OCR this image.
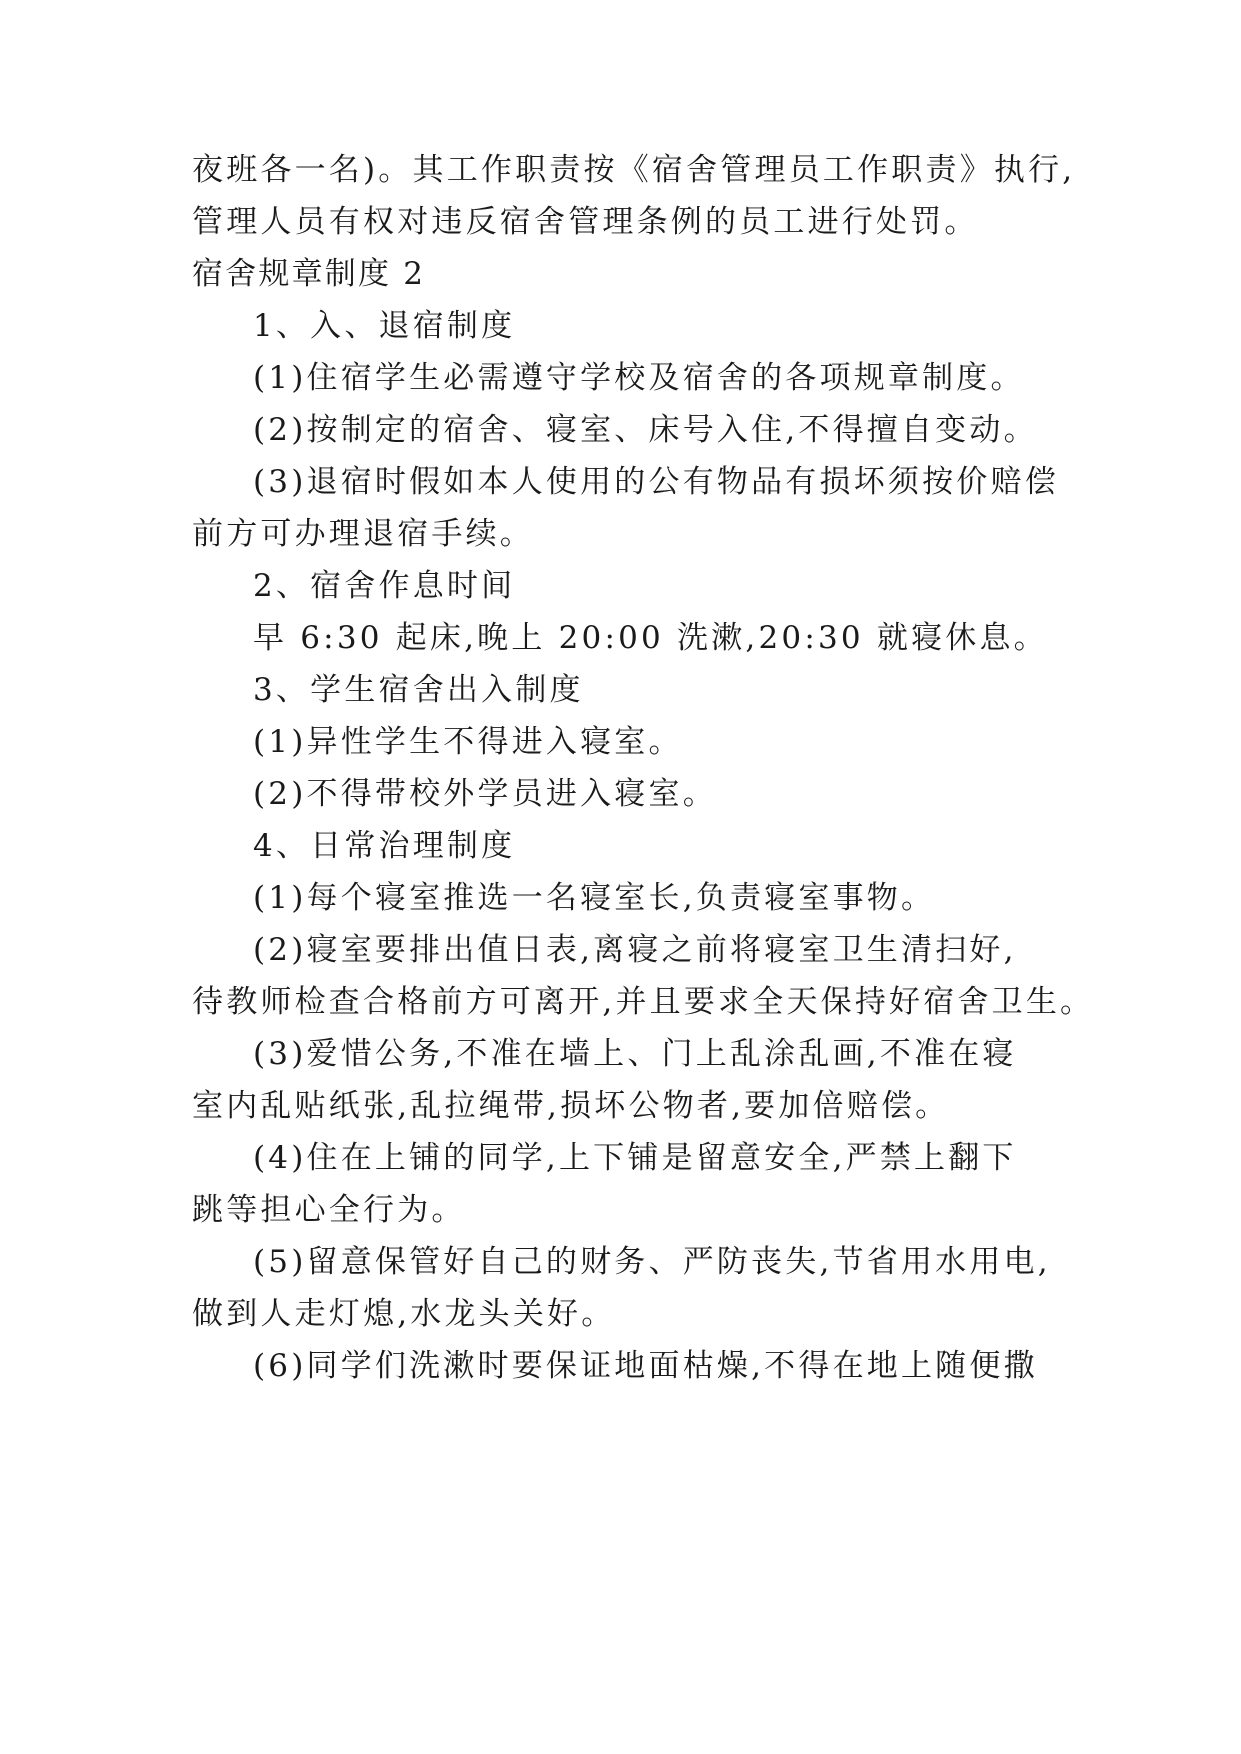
夜班各一名)。其工作职责按《宿舍管理员工作职责》执行,

管理人员有权对违反宿舍管理条例的员工进行处罚。

宿舍规章制度 2

1、入、退宿制度

(1)住宿学生必需遵守学校及宿舍的各项规章制度。

(2)按制定的宿舍、寝室、床号入住,不得擅自变动。

(3)退宿时假如本人使用的公有物品有损坏须按价赔偿

前方可办理退宿手续。

2、宿舍作息时间

早 6:30 起床,晚上 20:00 洗漱,20:30 就寝休息。

3、学生宿舍出入制度

(1)异性学生不得进入寝室。

(2)不得带校外学员进入寝室。

4、日常治理制度

(1)每个寝室推选一名寝室长,负责寝室事物。

(2)寝室要排出值日表,离寝之前将寝室卫生清扫好,

待教师检查合格前方可离开,并且要求全天保持好宿舍卫生。

(3)爱惜公务,不准在墙上、门上乱涂乱画,不准在寝

室内乱贴纸张,乱拉绳带,损坏公物者,要加倍赔偿。

(4)住在上铺的同学,上下铺是留意安全,严禁上翻下

跳等担心全行为。

(5)留意保管好自己的财务、严防丧失,节省用水用电,

做到人走灯熄,水龙头关好。

(6)同学们洗漱时要保证地面枯燥,不得在地上随便撒
